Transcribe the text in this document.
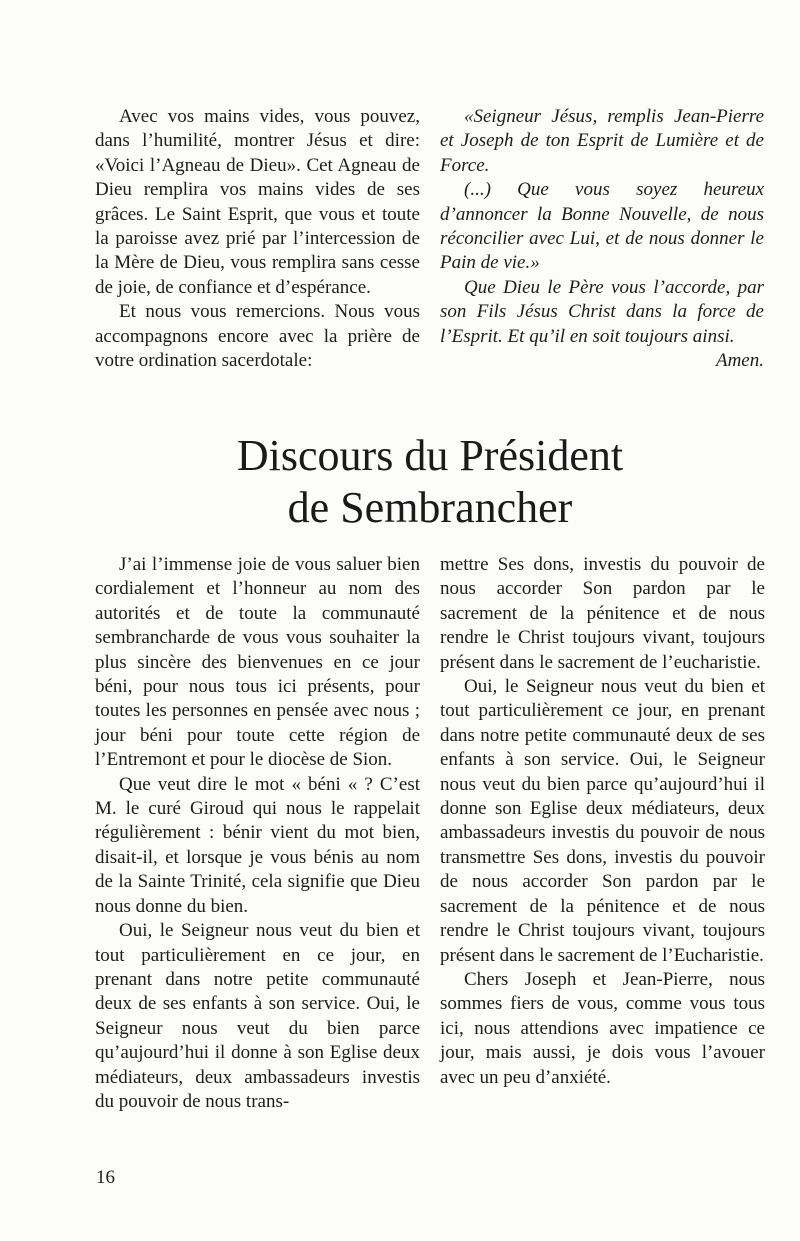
Avec vos mains vides, vous pouvez, dans l’humilité, montrer Jésus et dire: «Voici l’Agneau de Dieu». Cet Agneau de Dieu remplira vos mains vides de ses grâces. Le Saint Esprit, que vous et toute la paroisse avez prié par l’intercession de la Mère de Dieu, vous remplira sans cesse de joie, de confiance et d’espérance.

Et nous vous remercions. Nous vous accompagnons encore avec la prière de votre ordination sacerdotale:

«Seigneur Jésus, remplis Jean-Pierre et Joseph de ton Esprit de Lumière et de Force.

(...) Que vous soyez heureux d’annoncer la Bonne Nouvelle, de nous réconcilier avec Lui, et de nous donner le Pain de vie.»

Que Dieu le Père vous l’accorde, par son Fils Jésus Christ dans la force de l’Esprit. Et qu’il en soit toujours ainsi.

Amen.

Discours du Président
de Sembrancher

J’ai l’immense joie de vous saluer bien cordialement et l’honneur au nom des autorités et de toute la communauté sembrancharde de vous vous souhaiter la plus sincère des bienvenues en ce jour béni, pour nous tous ici présents, pour toutes les personnes en pensée avec nous ; jour béni pour toute cette région de l’Entremont et pour le diocèse de Sion.

Que veut dire le mot « béni « ? C’est M. le curé Giroud qui nous le rappelait régulièrement : bénir vient du mot bien, disait-il, et lorsque je vous bénis au nom de la Sainte Trinité, cela signifie que Dieu nous donne du bien.

Oui, le Seigneur nous veut du bien et tout particulièrement en ce jour, en prenant dans notre petite communauté deux de ses enfants à son service. Oui, le Seigneur nous veut du bien parce qu’aujourd’hui il donne à son Eglise deux médiateurs, deux ambassadeurs investis du pouvoir de nous trans-

mettre Ses dons, investis du pouvoir de nous accorder Son pardon par le sacrement de la pénitence et de nous rendre le Christ toujours vivant, toujours présent dans le sacrement de l’eucharistie.

Oui, le Seigneur nous veut du bien et tout particulièrement ce jour, en prenant dans notre petite communauté deux de ses enfants à son service. Oui, le Seigneur nous veut du bien parce qu’aujourd’hui il donne son Eglise deux médiateurs, deux ambassadeurs investis du pouvoir de nous transmettre Ses dons, investis du pouvoir de nous accorder Son pardon par le sacrement de la pénitence et de nous rendre le Christ toujours vivant, toujours présent dans le sacrement de l’Eucharistie.

Chers Joseph et Jean-Pierre, nous sommes fiers de vous, comme vous tous ici, nous attendions avec impatience ce jour, mais aussi, je dois vous l’avouer avec un peu d’anxiété.

16
